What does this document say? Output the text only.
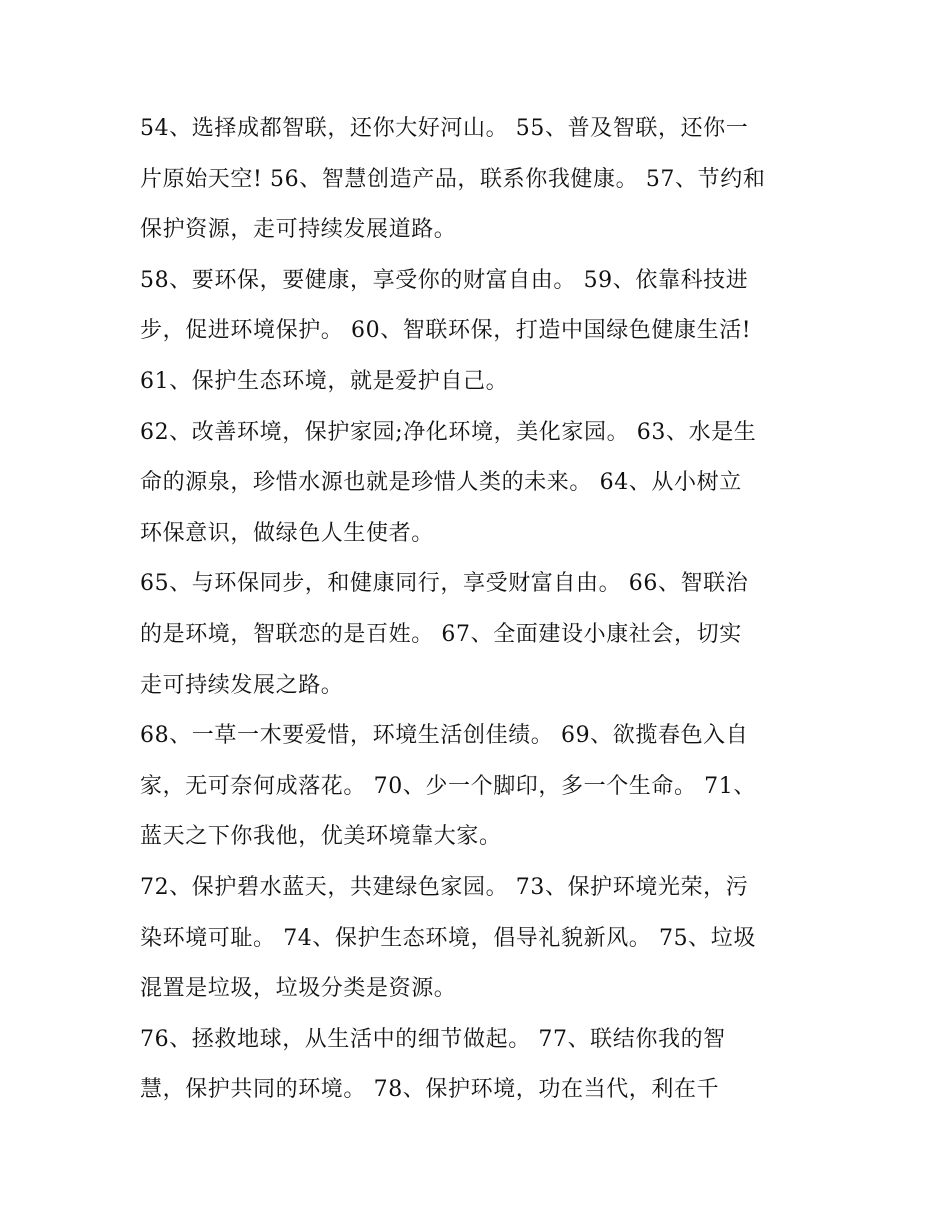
54、选择成都智联，还你大好河山。 55、普及智联，还你一
片原始天空! 56、智慧创造产品，联系你我健康。 57、节约和
保护资源，走可持续发展道路。
58、要环保，要健康，享受你的财富自由。 59、依靠科技进
步，促进环境保护。 60、智联环保，打造中国绿色健康生活!
61、保护生态环境，就是爱护自己。
62、改善环境，保护家园;净化环境，美化家园。 63、水是生
命的源泉，珍惜水源也就是珍惜人类的未来。 64、从小树立
环保意识，做绿色人生使者。
65、与环保同步，和健康同行，享受财富自由。 66、智联治
的是环境，智联恋的是百姓。 67、全面建设小康社会，切实
走可持续发展之路。
68、一草一木要爱惜，环境生活创佳绩。 69、欲揽春色入自
家，无可奈何成落花。 70、少一个脚印，多一个生命。 71、
蓝天之下你我他，优美环境靠大家。
72、保护碧水蓝天，共建绿色家园。 73、保护环境光荣，污
染环境可耻。 74、保护生态环境，倡导礼貌新风。 75、垃圾
混置是垃圾，垃圾分类是资源。
76、拯救地球，从生活中的细节做起。 77、联结你我的智
慧，保护共同的环境。 78、保护环境，功在当代，利在千
